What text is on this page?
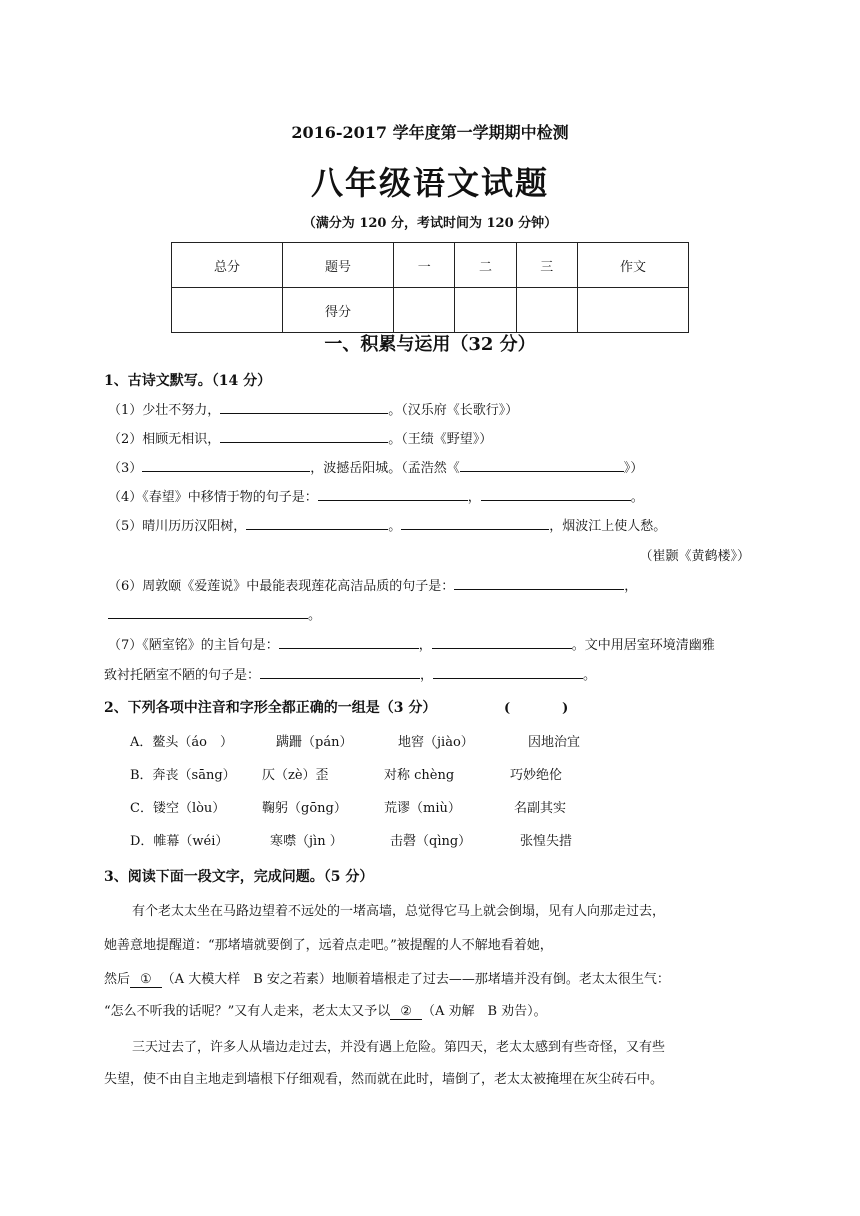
2016-2017 学年度第一学期期中检测
八年级语文试题
（满分为 120 分，考试时间为 120 分钟）
总分	题号	一	二	三	作文
	得分				
一、积累与运用（32 分）
1、古诗文默写。（14 分）
（1）少壮不努力，	。（汉乐府《长歌行》）
（2）相顾无相识，	。（王绩《野望》）
（3）	，波撼岳阳城。（孟浩然《	》）
（4）《春望》中移情于物的句子是：	，	。
（5）晴川历历汉阳树，	。	，烟波江上使人愁。
（崔颢《黄鹤楼》）
（6）周敦颐《爱莲说》中最能表现莲花高洁品质的句子是：	，
。
（7）《陋室铭》的主旨句是：	，	。文中用居室环境清幽雅
致衬托陋室不陋的句子是：	，	。
2、下列各项中注音和字形全都正确的一组是（3 分）	(　　　　)
A．鳌头（áo　）	蹒跚（pán）	地窖（jiào）	因地治宜
B．奔丧（sāng） 仄（zè）歪	对称 chèng	巧妙绝伦
C．镂空（lòu）	鞠躬（gōng）	荒谬（miù）	名副其实
D．帷幕（wéi）	寒噤（jìn ）	击磬（qìng）	张惶失措
3、阅读下面一段文字，完成问题。（5 分）
有个老太太坐在马路边望着不远处的一堵高墙，总觉得它马上就会倒塌，见有人向那走过去，
她善意地提醒道：“那堵墙就要倒了，远着点走吧。”被提醒的人不解地看着她，
然后 ① （A 大模大样　B 安之若素）地顺着墙根走了过去——那堵墙并没有倒。老太太很生气：
“怎么不听我的话呢？”又有人走来，老太太又予以 ② （A 劝解　B 劝告）。
三天过去了，许多人从墙边走过去，并没有遇上危险。第四天，老太太感到有些奇怪，又有些
失望，使不由自主地走到墙根下仔细观看，然而就在此时，墙倒了，老太太被掩埋在灰尘砖石中。
